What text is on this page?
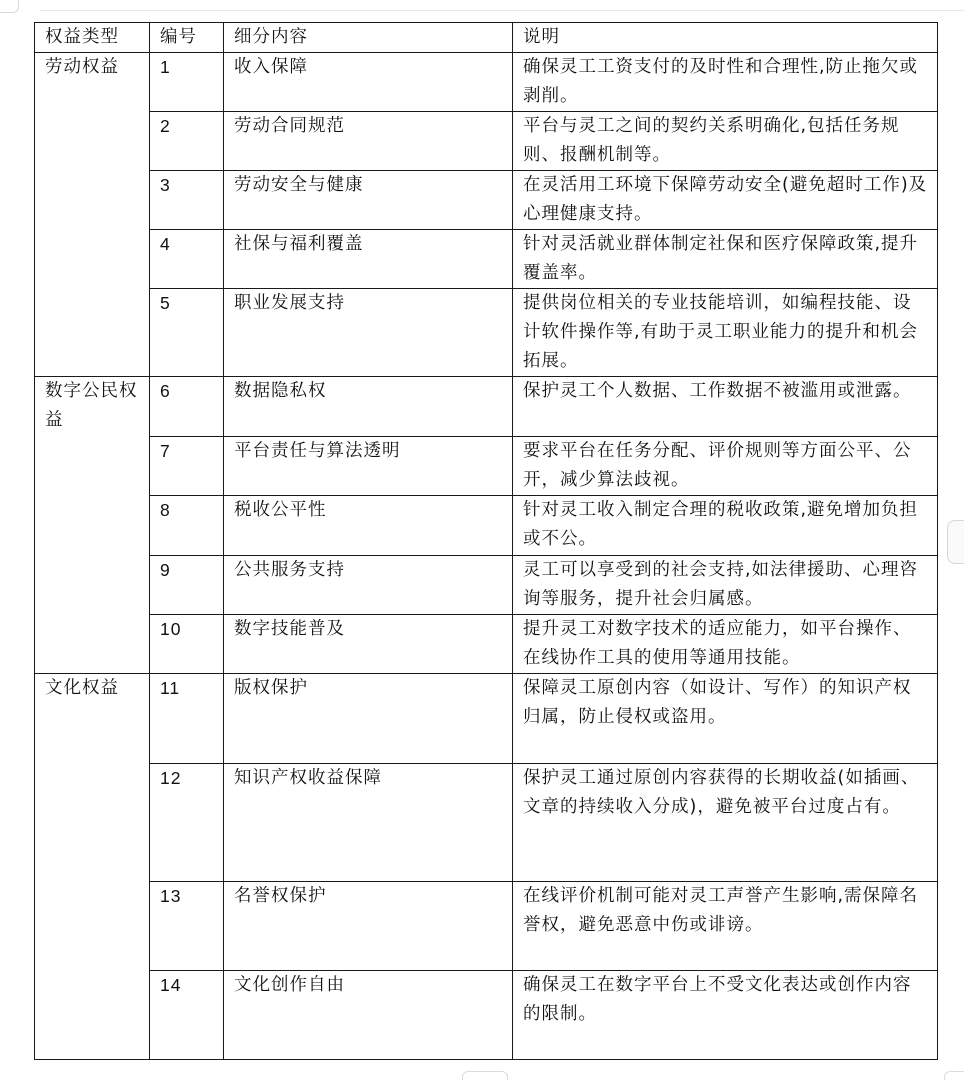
权益类型	编号	细分内容	说明
劳动权益	1	收入保障	确保灵工工资支付的及时性和合理性,防止拖欠或剥削。
	2	劳动合同规范	平台与灵工之间的契约关系明确化,包括任务规则、报酬机制等。
	3	劳动安全与健康	在灵活用工环境下保障劳动安全(避免超时工作)及心理健康支持。
	4	社保与福利覆盖	针对灵活就业群体制定社保和医疗保障政策,提升覆盖率。
	5	职业发展支持	提供岗位相关的专业技能培训，如编程技能、设计软件操作等,有助于灵工职业能力的提升和机会拓展。
数字公民权益	6	数据隐私权	保护灵工个人数据、工作数据不被滥用或泄露。
	7	平台责任与算法透明	要求平台在任务分配、评价规则等方面公平、公开，减少算法歧视。
	8	税收公平性	针对灵工收入制定合理的税收政策,避免增加负担或不公。
	9	公共服务支持	灵工可以享受到的社会支持,如法律援助、心理咨询等服务，提升社会归属感。
	10	数字技能普及	提升灵工对数字技术的适应能力，如平台操作、在线协作工具的使用等通用技能。
文化权益	11	版权保护	保障灵工原创内容（如设计、写作）的知识产权归属，防止侵权或盗用。
	12	知识产权收益保障	保护灵工通过原创内容获得的长期收益(如插画、文章的持续收入分成)，避免被平台过度占有。
	13	名誉权保护	在线评价机制可能对灵工声誉产生影响,需保障名誉权，避免恶意中伤或诽谤。
	14	文化创作自由	确保灵工在数字平台上不受文化表达或创作内容的限制。
